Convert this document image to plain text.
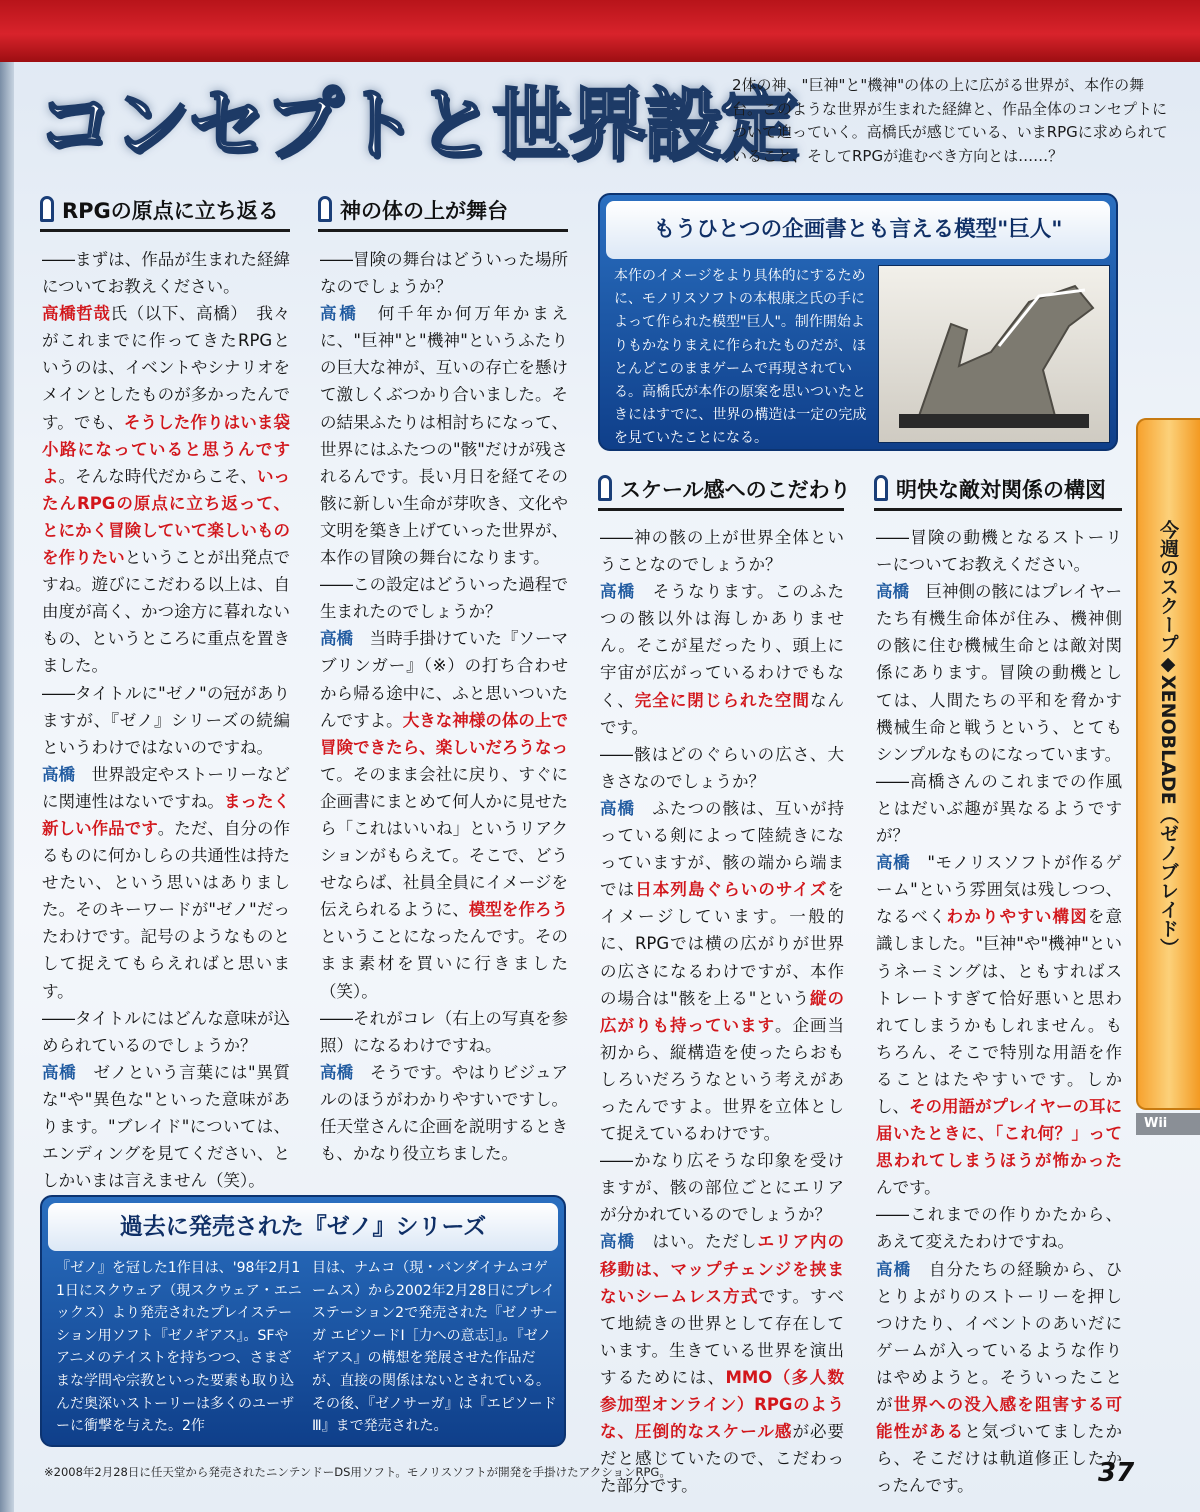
コンセプトと世界設定

2体の神、"巨神"と"機神"の体の上に広がる世界が、本作の舞台。このような世界が生まれた経緯と、作品全体のコンセプトについて迫っていく。高橋氏が感じている、いまRPGに求められていること、そしてRPGが進むべき方向とは……？

RPGの原点に立ち返る

――まずは、作品が生まれた経緯についてお教えください。

高橋哲哉氏（以下、高橋）　我々がこれまでに作ってきたRPGというのは、イベントやシナリオをメインとしたものが多かったんです。でも、そうした作りはいま袋小路になっていると思うんですよ。そんな時代だからこそ、いったんRPGの原点に立ち返って、とにかく冒険していて楽しいものを作りたいということが出発点ですね。遊びにこだわる以上は、自由度が高く、かつ途方に暮れないもの、というところに重点を置きました。

――タイトルに"ゼノ"の冠がありますが、『ゼノ』シリーズの続編というわけではないのですね。

高橋　世界設定やストーリーなどに関連性はないですね。まったく新しい作品です。ただ、自分の作るものに何かしらの共通性は持たせたい、という思いはありました。そのキーワードが"ゼノ"だったわけです。記号のようなものとして捉えてもらえればと思います。

――タイトルにはどんな意味が込められているのでしょうか？

高橋　ゼノという言葉には"異質な"や"異色な"といった意味があります。"ブレイド"については、エンディングを見てください、としかいまは言えません（笑）。

神の体の上が舞台

――冒険の舞台はどういった場所なのでしょうか？

高橋　何千年か何万年かまえに、"巨神"と"機神"というふたりの巨大な神が、互いの存亡を懸けて激しくぶつかり合いました。その結果ふたりは相討ちになって、世界にはふたつの"骸"だけが残されるんです。長い月日を経てその骸に新しい生命が芽吹き、文化や文明を築き上げていった世界が、本作の冒険の舞台になります。

――この設定はどういった過程で生まれたのでしょうか？

高橋　当時手掛けていた『ソーマブリンガー』（※）の打ち合わせから帰る途中に、ふと思いついたんですよ。大きな神様の体の上で冒険できたら、楽しいだろうなって。そのまま会社に戻り、すぐに企画書にまとめて何人かに見せたら「これはいいね」というリアクションがもらえて。そこで、どうせならば、社員全員にイメージを伝えられるように、模型を作ろうということになったんです。そのまま素材を買いに行きました（笑）。

――それがコレ（右上の写真を参照）になるわけですね。

高橋　そうです。やはりビジュアルのほうがわかりやすいですし。任天堂さんに企画を説明するときも、かなり役立ちました。

もうひとつの企画書とも言える模型"巨人"

本作のイメージをより具体的にするために、モノリスソフトの本根康之氏の手によって作られた模型"巨人"。制作開始よりもかなりまえに作られたものだが、ほとんどこのままゲームで再現されている。高橋氏が本作の原案を思いついたときにはすでに、世界の構造は一定の完成を見ていたことになる。

スケール感へのこだわり

――神の骸の上が世界全体ということなのでしょうか？

高橋　そうなります。このふたつの骸以外は海しかありません。そこが星だったり、頭上に宇宙が広がっているわけでもなく、完全に閉じられた空間なんです。

――骸はどのぐらいの広さ、大きさなのでしょうか？

高橋　ふたつの骸は、互いが持っている剣によって陸続きになっていますが、骸の端から端までは日本列島ぐらいのサイズをイメージしています。一般的に、RPGでは横の広がりが世界の広さになるわけですが、本作の場合は"骸を上る"という縦の広がりも持っています。企画当初から、縦構造を使ったらおもしろいだろうなという考えがあったんですよ。世界を立体として捉えているわけです。

――かなり広そうな印象を受けますが、骸の部位ごとにエリアが分かれているのでしょうか？

高橋　はい。ただしエリア内の移動は、マップチェンジを挟まないシームレス方式です。すべて地続きの世界として存在しています。生きている世界を演出するためには、MMO（多人数参加型オンライン）RPGのような、圧倒的なスケール感が必要だと感じていたので、こだわった部分です。

明快な敵対関係の構図

――冒険の動機となるストーリーについてお教えください。

高橋　巨神側の骸にはプレイヤーたち有機生命体が住み、機神側の骸に住む機械生命とは敵対関係にあります。冒険の動機としては、人間たちの平和を脅かす機械生命と戦うという、とてもシンプルなものになっています。

――高橋さんのこれまでの作風とはだいぶ趣が異なるようですが？

高橋　"モノリスソフトが作るゲーム"という雰囲気は残しつつ、なるべくわかりやすい構図を意識しました。"巨神"や"機神"というネーミングは、ともすればストレートすぎて恰好悪いと思われてしまうかもしれません。もちろん、そこで特別な用語を作ることはたやすいです。しかし、その用語がプレイヤーの耳に届いたときに、「これ何？」って思われてしまうほうが怖かったんです。

――これまでの作りかたから、あえて変えたわけですね。

高橋　自分たちの経験から、ひとりよがりのストーリーを押しつけたり、イベントのあいだにゲームが入っているような作りはやめようと。そういったことが世界への没入感を阻害する可能性があると気づいてましたから、そこだけは軌道修正したかったんです。

過去に発売された『ゼノ』シリーズ

『ゼノ』を冠した1作目は、'98年2月11日にスクウェア（現スクウェア・エニックス）より発売されたプレイステーション用ソフト『ゼノギアス』。SFやアニメのテイストを持ちつつ、さまざまな学問や宗教といった要素も取り込んだ奥深いストーリーは多くのユーザーに衝撃を与えた。2作

目は、ナムコ（現・バンダイナムコゲームス）から2002年2月28日にプレイステーション2で発売された『ゼノサーガ エピソードⅠ［力への意志］』。『ゼノギアス』の構想を発展させた作品だが、直接の関係はないとされている。その後、『ゼノサーガ』は『エピソードⅢ』まで発売された。

今週のスクープ◆XENOBLADE（ゼノブレイド）

Wii

※2008年2月28日に任天堂から発売されたニンテンドーDS用ソフト。モノリスソフトが開発を手掛けたアクションRPG。	37
